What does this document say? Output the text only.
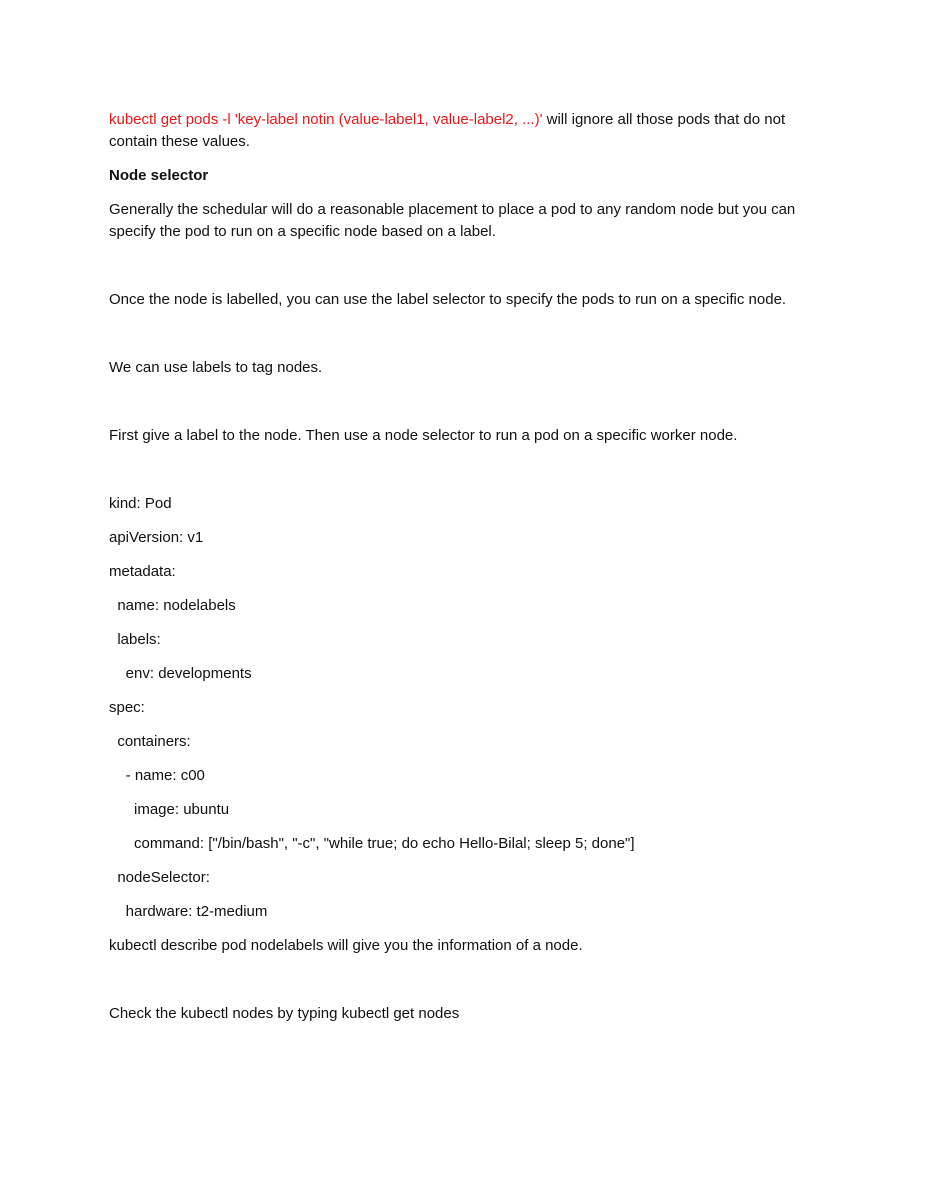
kubectl get pods -l 'key-label notin (value-label1, value-label2, ...)' will ignore all those pods that do not contain these values.

Node selector

Generally the schedular will do a reasonable placement to place a pod to any random node but you can specify the pod to run on a specific node based on a label.

Once the node is labelled, you can use the label selector to specify the pods to run on a specific node.

We can use labels to tag nodes.

First give a label to the node. Then use a node selector to run a pod on a specific worker node.

kind: Pod

apiVersion: v1

metadata:

name: nodelabels

labels:

env: developments

spec:

containers:

- name: c00

image: ubuntu

command: ["/bin/bash", "-c", "while true; do echo Hello-Bilal; sleep 5; done"]

nodeSelector:

hardware: t2-medium

kubectl describe pod nodelabels will give you the information of a node.

Check the kubectl nodes by typing kubectl get nodes
